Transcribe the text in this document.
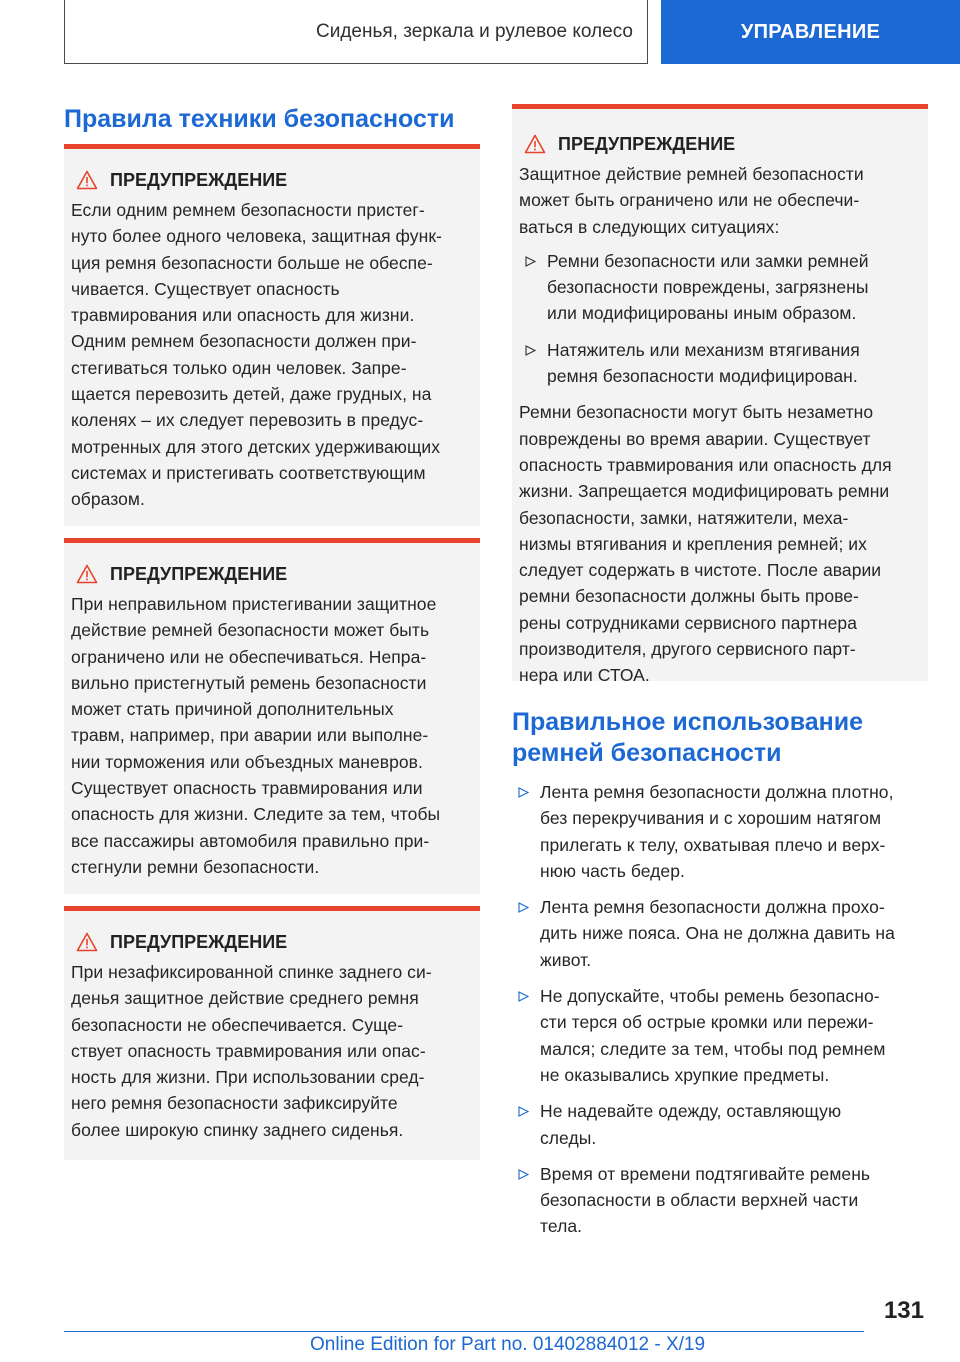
Сиденья, зеркала и рулевое колесо	УПРАВЛЕНИЕ
Правила техники безопасности
ПРЕДУПРЕЖДЕНИЕ

Если одним ремнем безопасности пристег-

нуто более одного человека, защитная функ-

ция ремня безопасности больше не обеспе-

чивается. Существует опасность

травмирования или опасность для жизни.

Одним ремнем безопасности должен при-

стегиваться только один человек. Запре-

щается перевозить детей, даже грудных, на

коленях – их следует перевозить в предус-

мотренных для этого детских удерживающих

системах и пристегивать соответствующим

образом.

ПРЕДУПРЕЖДЕНИЕ

При неправильном пристегивании защитное

действие ремней безопасности может быть

ограничено или не обеспечиваться. Непра-

вильно пристегнутый ремень безопасности

может стать причиной дополнительных

травм, например, при аварии или выполне-

нии торможения или объездных маневров.

Существует опасность травмирования или

опасность для жизни. Следите за тем, чтобы

все пассажиры автомобиля правильно при-

стегнули ремни безопасности.

ПРЕДУПРЕЖДЕНИЕ

При незафиксированной спинке заднего си-

денья защитное действие среднего ремня

безопасности не обеспечивается. Суще-

ствует опасность травмирования или опас-

ность для жизни. При использовании сред-

него ремня безопасности зафиксируйте

более широкую спинку заднего сиденья.

ПРЕДУПРЕЖДЕНИЕ

Защитное действие ремней безопасности

может быть ограничено или не обеспечи-

ваться в следующих ситуациях:

Ремни безопасности или замки ремней

безопасности повреждены, загрязнены

или модифицированы иным образом.

Натяжитель или механизм втягивания

ремня безопасности модифицирован.

Ремни безопасности могут быть незаметно

повреждены во время аварии. Существует

опасность травмирования или опасность для

жизни. Запрещается модифицировать ремни

безопасности, замки, натяжители, меха-

низмы втягивания и крепления ремней; их

следует содержать в чистоте. После аварии

ремни безопасности должны быть прове-

рены сотрудниками сервисного партнера

производителя, другого сервисного парт-

нера или СТОА.

Правильное использование
ремней безопасности

Лента ремня безопасности должна плотно,

без перекручивания и с хорошим натягом

прилегать к телу, охватывая плечо и верх-

нюю часть бедер.

Лента ремня безопасности должна прохо-

дить ниже пояса. Она не должна давить на

живот.

Не допускайте, чтобы ремень безопасно-

сти терся об острые кромки или пережи-

мался; следите за тем, чтобы под ремнем

не оказывались хрупкие предметы.

Не надевайте одежду, оставляющую

следы.

Время от времени подтягивайте ремень

безопасности в области верхней части

тела.

131
Online Edition for Part no. 01402884012 - X/19
